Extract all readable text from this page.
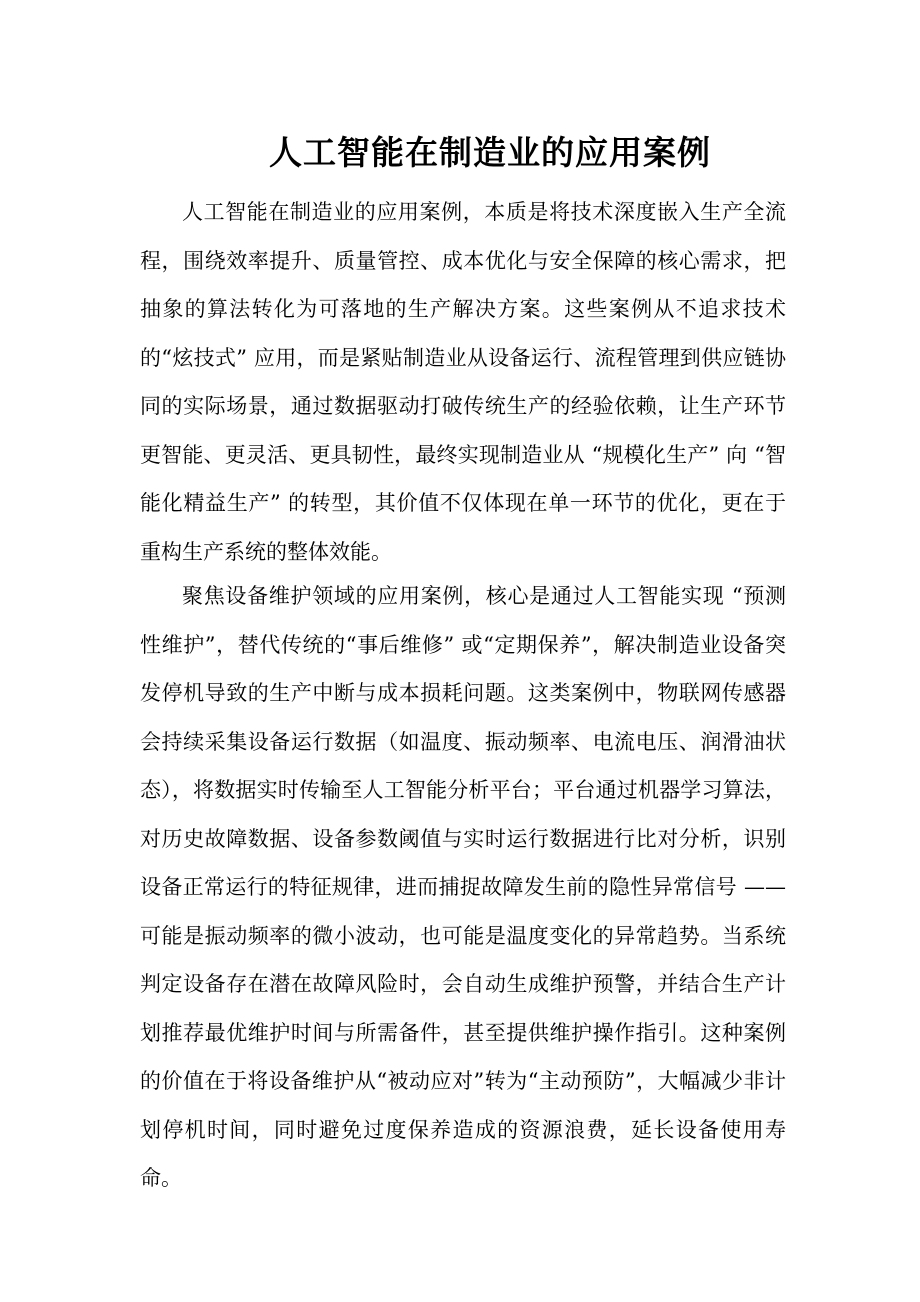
人工智能在制造业的应用案例

人工智能在制造业的应用案例，本质是将技术深度嵌入生产全流程，围绕效率提升、质量管控、成本优化与安全保障的核心需求，把抽象的算法转化为可落地的生产解决方案。这些案例从不追求技术的“炫技式” 应用，而是紧贴制造业从设备运行、流程管理到供应链协同的实际场景，通过数据驱动打破传统生产的经验依赖，让生产环节更智能、更灵活、更具韧性，最终实现制造业从 “规模化生产” 向 “智能化精益生产” 的转型，其价值不仅体现在单一环节的优化，更在于重构生产系统的整体效能。

聚焦设备维护领域的应用案例，核心是通过人工智能实现 “预测性维护”，替代传统的“事后维修” 或“定期保养”，解决制造业设备突发停机导致的生产中断与成本损耗问题。这类案例中，物联网传感器会持续采集设备运行数据（如温度、振动频率、电流电压、润滑油状态），将数据实时传输至人工智能分析平台；平台通过机器学习算法，对历史故障数据、设备参数阈值与实时运行数据进行比对分析，识别设备正常运行的特征规律，进而捕捉故障发生前的隐性异常信号 —— 可能是振动频率的微小波动，也可能是温度变化的异常趋势。当系统判定设备存在潜在故障风险时，会自动生成维护预警，并结合生产计划推荐最优维护时间与所需备件，甚至提供维护操作指引。这种案例的价值在于将设备维护从“被动应对”转为“主动预防”，大幅减少非计划停机时间，同时避免过度保养造成的资源浪费，延长设备使用寿命。
